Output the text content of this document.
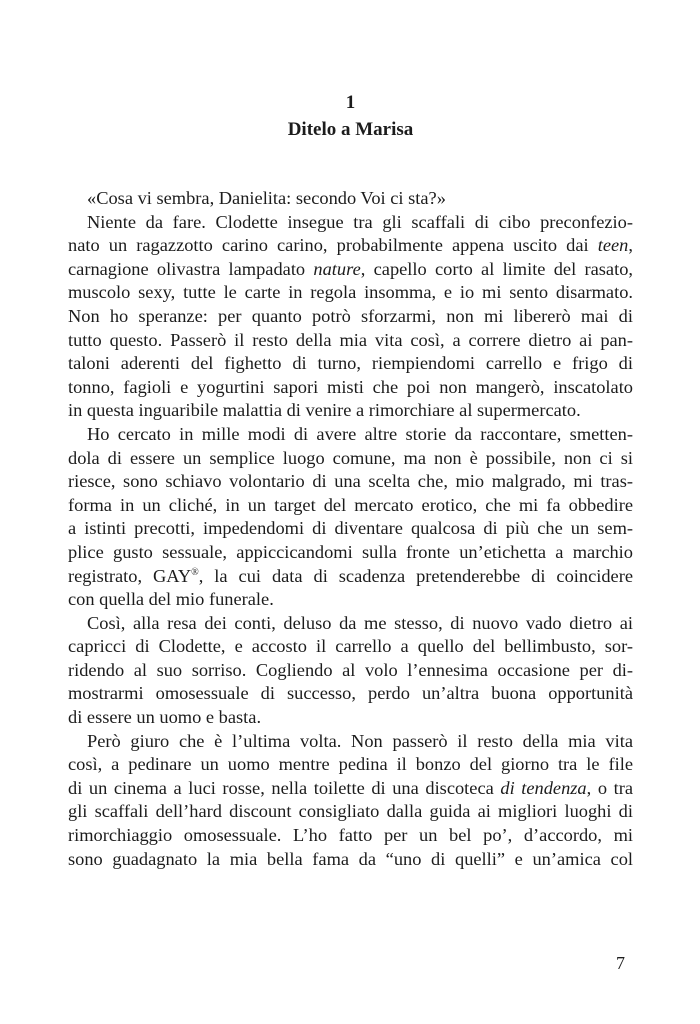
1
Ditelo a Marisa
«Cosa vi sembra, Danielita: secondo Voi ci sta?»
Niente da fare. Clodette insegue tra gli scaffali di cibo preconfezio-
nato un ragazzotto carino carino, probabilmente appena uscito dai teen,
carnagione olivastra lampadato nature, capello corto al limite del rasato,
muscolo sexy, tutte le carte in regola insomma, e io mi sento disarmato.
Non ho speranze: per quanto potrò sforzarmi, non mi libererò mai di
tutto questo. Passerò il resto della mia vita così, a correre dietro ai pan-
taloni aderenti del fighetto di turno, riempiendomi carrello e frigo di
tonno, fagioli e yogurtini sapori misti che poi non mangerò, inscatolato
in questa inguaribile malattia di venire a rimorchiare al supermercato.
Ho cercato in mille modi di avere altre storie da raccontare, smetten-
dola di essere un semplice luogo comune, ma non è possibile, non ci si
riesce, sono schiavo volontario di una scelta che, mio malgrado, mi tras-
forma in un cliché, in un target del mercato erotico, che mi fa obbedire
a istinti precotti, impedendomi di diventare qualcosa di più che un sem-
plice gusto sessuale, appiccicandomi sulla fronte un’etichetta a marchio
registrato, GAY®, la cui data di scadenza pretenderebbe di coincidere
con quella del mio funerale.
Così, alla resa dei conti, deluso da me stesso, di nuovo vado dietro ai
capricci di Clodette, e accosto il carrello a quello del bellimbusto, sor-
ridendo al suo sorriso. Cogliendo al volo l’ennesima occasione per di-
mostrarmi omosessuale di successo, perdo un’altra buona opportunità
di essere un uomo e basta.
Però giuro che è l’ultima volta. Non passerò il resto della mia vita
così, a pedinare un uomo mentre pedina il bonzo del giorno tra le file
di un cinema a luci rosse, nella toilette di una discoteca di tendenza, o tra
gli scaffali dell’hard discount consigliato dalla guida ai migliori luoghi di
rimorchiaggio omosessuale. L’ho fatto per un bel po’, d’accordo, mi
sono guadagnato la mia bella fama da “uno di quelli” e un’amica col
7
